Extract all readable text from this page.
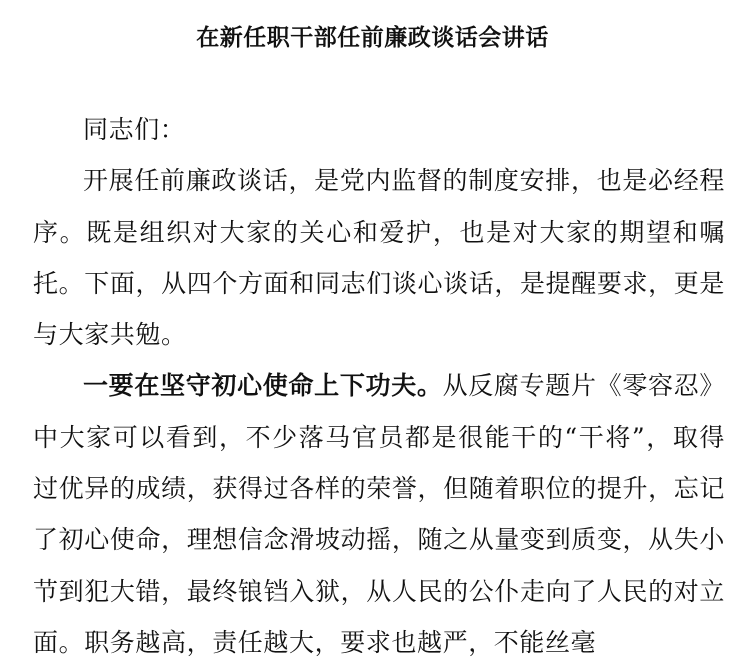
在新任职干部任前廉政谈话会讲话

同志们：

开展任前廉政谈话，是党内监督的制度安排，也是必经程序。既是组织对大家的关心和爱护，也是对大家的期望和嘱托。下面，从四个方面和同志们谈心谈话，是提醒要求，更是与大家共勉。

一要在坚守初心使命上下功夫。从反腐专题片《零容忍》中大家可以看到，不少落马官员都是很能干的“干将”，取得过优异的成绩，获得过各样的荣誉，但随着职位的提升，忘记了初心使命，理想信念滑坡动摇，随之从量变到质变，从失小节到犯大错，最终锒铛入狱，从人民的公仆走向了人民的对立面。职务越高，责任越大，要求也越严，不能丝毫
